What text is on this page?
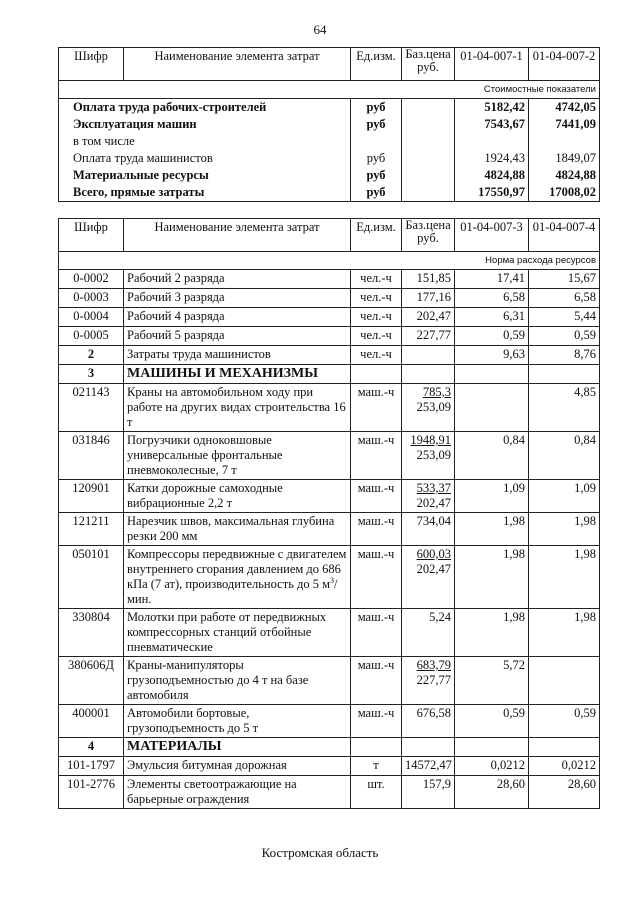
64
Шифр	Наименование элемента затрат	Ед.изм.	Баз.цена руб.	01-04-007-1	01-04-007-2
Стоимостные показатели					
Оплата труда рабочих-строителей		руб		5182,42	4742,05
Эксплуатация машин		руб		7543,67	7441,09
в том числе					
Оплата труда машинистов		руб		1924,43	1849,07
Материальные ресурсы		руб		4824,88	4824,88
Всего, прямые затраты		руб		17550,97	17008,02
Шифр	Наименование элемента затрат	Ед.изм.	Баз.цена руб.	01-04-007-3	01-04-007-4
Норма расхода ресурсов					
0-0002	Рабочий 2 разряда	чел.-ч	151,85	17,41	15,67
0-0003	Рабочий 3 разряда	чел.-ч	177,16	6,58	6,58
0-0004	Рабочий 4 разряда	чел.-ч	202,47	6,31	5,44
0-0005	Рабочий 5 разряда	чел.-ч	227,77	0,59	0,59
2	Затраты труда машинистов	чел.-ч		9,63	8,76
3	МАШИНЫ И МЕХАНИЗМЫ				
021143	Краны на автомобильном ходу при работе на других видах строительства 16 т	маш.-ч	$\frac{785,3}{253,09}$		4,85
031846	Погрузчики одноковшовые универсальные фронтальные пневмоколесные, 7 т	маш.-ч	$\frac{1948,91}{253,09}$	0,84	0,84
120901	Катки дорожные самоходные вибрационные 2,2 т	маш.-ч	$\frac{533,37}{202,47}$	1,09	1,09
121211	Нарезчик швов, максимальная глубина резки 200 мм	маш.-ч	734,04	1,98	1,98
050101	Компрессоры передвижные с двигателем внутреннего сгорания давлением до 686 кПа (7 ат), производительность до 5 $м^3$/мин.	маш.-ч	$\frac{600,03}{202,47}$	1,98	1,98
330804	Молотки при работе от передвижных компрессорных станций отбойные пневматические	маш.-ч	5,24	1,98	1,98
380606Д	Краны-манипуляторы грузоподъемностью до 4 т на базе автомобиля	маш.-ч	$\frac{683,79}{227,77}$	5,72	
400001	Автомобили бортовые, грузоподъемность до 5 т	маш.-ч	676,58	0,59	0,59
4	МАТЕРИАЛЫ				
101-1797	Эмульсия битумная дорожная	т	14572,47	0,0212	0,0212
101-2776	Элементы светоотражающие на барьерные ограждения	шт.	157,9	28,60	28,60
Костромская область
